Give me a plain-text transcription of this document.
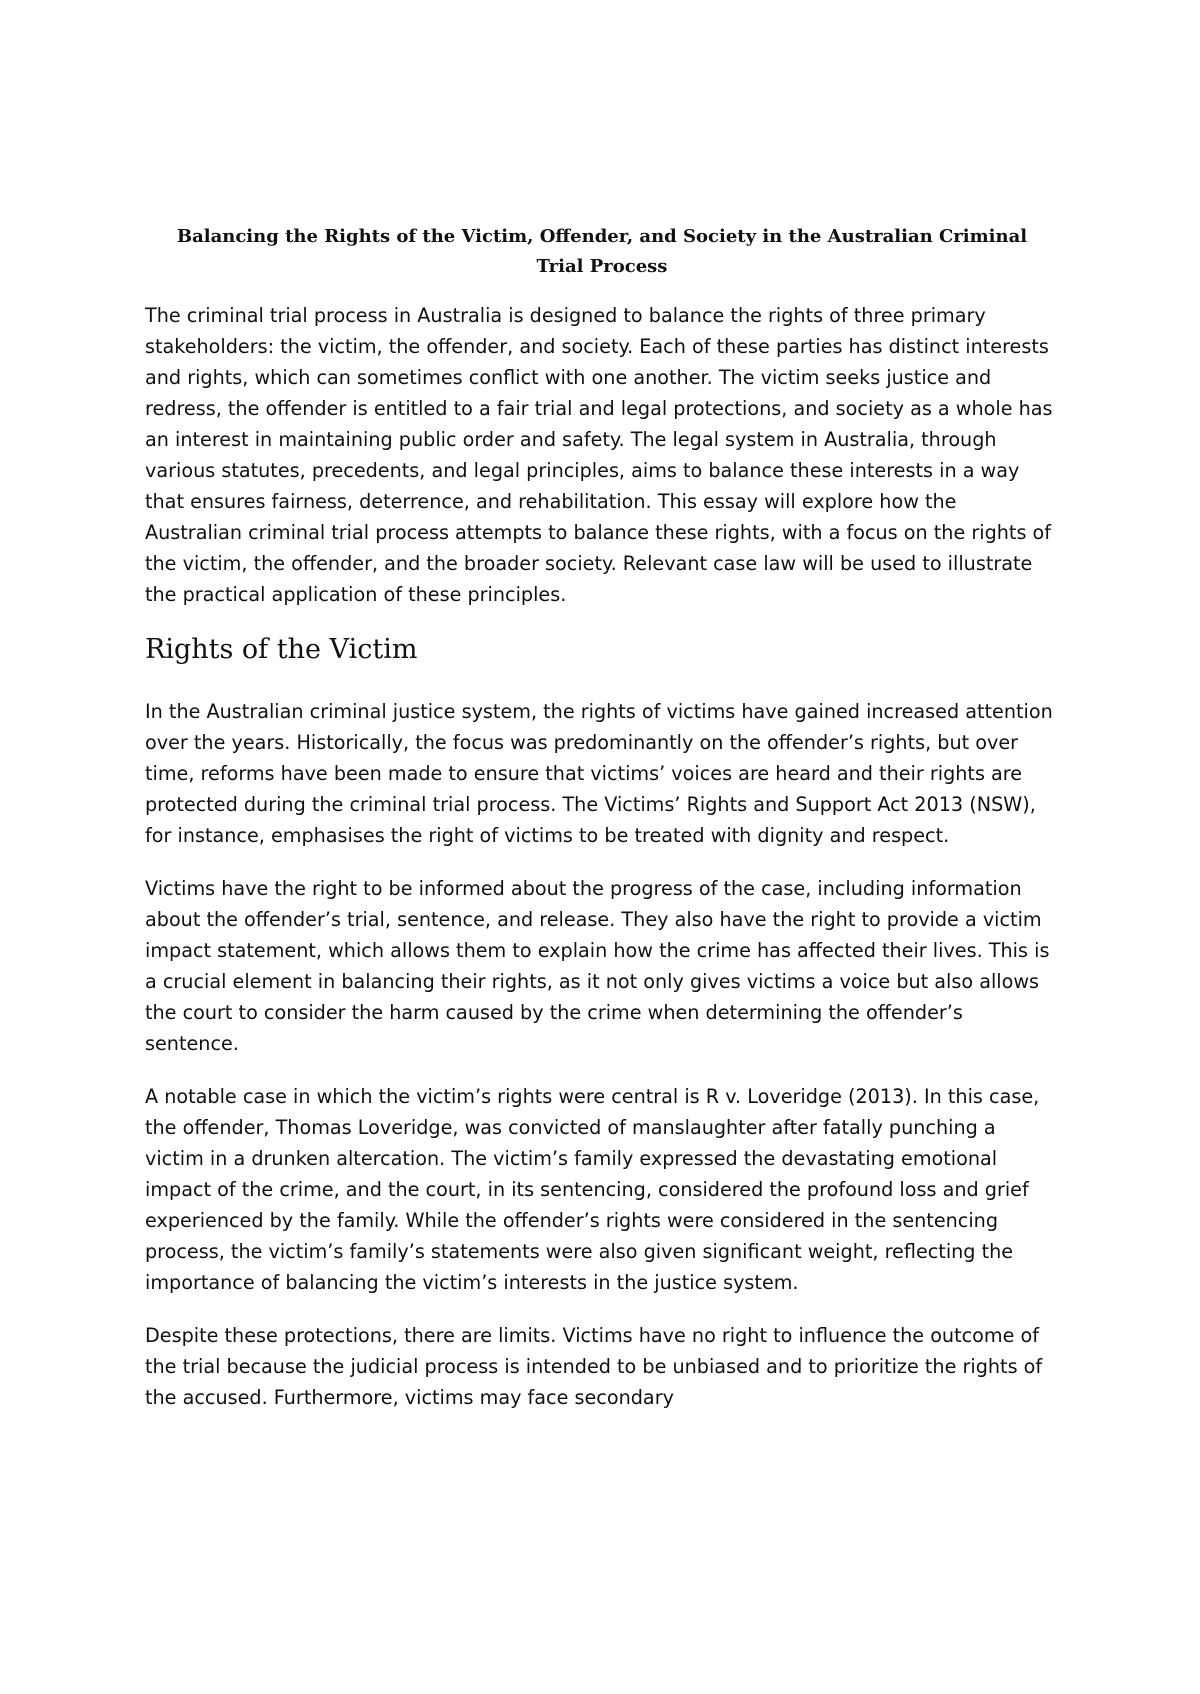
Balancing the Rights of the Victim, Offender, and Society in the Australian Criminal Trial Process

The criminal trial process in Australia is designed to balance the rights of three primary stakeholders: the victim, the offender, and society. Each of these parties has distinct interests and rights, which can sometimes conflict with one another. The victim seeks justice and redress, the offender is entitled to a fair trial and legal protections, and society as a whole has an interest in maintaining public order and safety. The legal system in Australia, through various statutes, precedents, and legal principles, aims to balance these interests in a way that ensures fairness, deterrence, and rehabilitation. This essay will explore how the Australian criminal trial process attempts to balance these rights, with a focus on the rights of the victim, the offender, and the broader society. Relevant case law will be used to illustrate the practical application of these principles.

Rights of the Victim

In the Australian criminal justice system, the rights of victims have gained increased attention over the years. Historically, the focus was predominantly on the offender’s rights, but over time, reforms have been made to ensure that victims’ voices are heard and their rights are protected during the criminal trial process. The Victims’ Rights and Support Act 2013 (NSW), for instance, emphasises the right of victims to be treated with dignity and respect.

Victims have the right to be informed about the progress of the case, including information about the offender’s trial, sentence, and release. They also have the right to provide a victim impact statement, which allows them to explain how the crime has affected their lives. This is a crucial element in balancing their rights, as it not only gives victims a voice but also allows the court to consider the harm caused by the crime when determining the offender’s sentence.

A notable case in which the victim’s rights were central is R v. Loveridge (2013). In this case, the offender, Thomas Loveridge, was convicted of manslaughter after fatally punching a victim in a drunken altercation. The victim’s family expressed the devastating emotional impact of the crime, and the court, in its sentencing, considered the profound loss and grief experienced by the family. While the offender’s rights were considered in the sentencing process, the victim’s family’s statements were also given significant weight, reflecting the importance of balancing the victim’s interests in the justice system.

Despite these protections, there are limits. Victims have no right to influence the outcome of the trial because the judicial process is intended to be unbiased and to prioritize the rights of the accused. Furthermore, victims may face secondary
